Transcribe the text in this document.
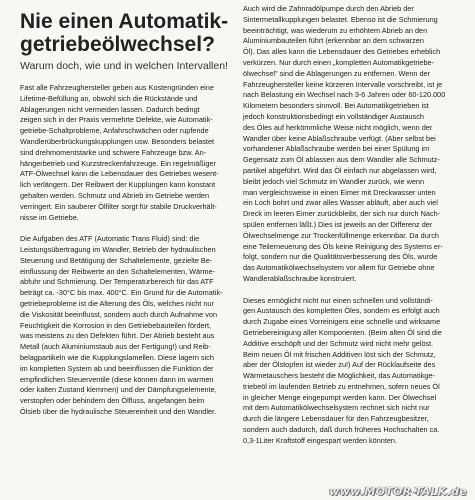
Nie einen Automatik-
getriebeölwechsel?

Warum doch, wie und in welchen Intervallen!

Fast alle Fahrzeughersteller geben aus Kostengründen eine
Lifetime-Befüllung an, obwohl sich die Rückstände und
Ablagerungen nicht vermeiden lassen. Dadurch bedingt
zeigen sich in der Praxis vermehrte Defekte, wie Automatik-
getriebe-Schaltprobleme, Anfahrschwächen oder rupfende
Wandlerüberbrückungskupplungen usw. Besonders belastet
sind drehmomentstarke und schwere Fahrzeuge bzw. An-
hängerbetrieb und Kurzstreckenfahrzeuge. Ein regelmäßiger
ATF-Ölwechsel kann die Lebensdauer des Getriebes wesent-
lich verlängern. Der Reibwert der Kupplungen kann konstant
gehalten werden. Schmutz und Abrieb im Getriebe werden
verringert. Ein sauberer Ölfilter sorgt für stabile Druckverhält-
nisse im Getriebe.
Die Aufgaben des ATF (Automatic Trans Fluid) sind: die
Leistungsübertragung im Wandler, Betrieb der hydraulischen
Steuerung und Betätigung der Schaltelemente, gezielte Be-
einflussung der Reibwerte an den Schaltelementen, Wärme-
abfuhr und Schmierung. Der Temperaturbereich für das ATF
beträgt ca. -30°C bis max. 400°C. Ein Grund für die Automatik-
getriebeprobleme ist die Alterung des Öls, welches nicht nur
die Viskosität beeinflusst, sondern auch durch Aufnahme von
Feuchtigkeit die Korrosion in den Getriebebauteilen fördert,
was meistens zu den Defekten führt. Der Abrieb besteht aus
Metall (auch Aluminiumstaub aus der Fertigung!) und Reib-
belagpartikeln wie die Kupplungslamellen. Diese lagern sich
im kompletten System ab und beeinflussen die Funktion der
empfindlichen Steuerventile (diese können dann im warmen
oder kalten Zustand klemmen) und der Dämpfungselemente,
verstopfen oder behindern den Ölfluss, angefangen beim
Ölsieb über die hydraulische Steuereinheit und den Wandler.
Auch wird die Zahnradölpumpe durch den Abrieb der
Sintermetallkupplungen belastet. Ebenso ist die Schmierung
beeinträchtigt, was wiederum zu erhöhtem Abrieb an den
Aluminiumbauteilen führt (erkennbar an dem schwarzen
Öl). Das alles kann die Lebensdauer des Getriebes erheblich
verkürzen. Nur durch einen „kompletten Automatikgetriebe-
ölwechsel" sind die Ablagerungen zu entfernen. Wenn der
Fahrzeughersteller keine kürzeren Intervalle vorschreibt, ist je
nach Belastung ein Wechsel nach 3-6 Jahren oder 60-120.000
Kilometern besonders sinnvoll. Bei Automatikgetrieben ist
jedoch konstruktionsbedingt ein vollständiger Austausch
des Öles auf herkömmliche Weise nicht möglich, wenn der
Wandler über keine Ablaßschraube verfügt. (Aber selbst bei
vorhandener Ablaßschraube werden bei einer Spülung im
Gegensatz zum Öl ablassen aus dem Wandler alle Schmutz-
partikel abgeführt. Wird das Öl einfach nur abgelassen wird,
bleibt jedoch viel Schmutz im Wandler zurück, wie wenn
man vergleichsweise in einen Eimer mit Dreckwasser unten
ein Loch bohrt und zwar alles Wasser abläuft, aber auch viel
Dreck im leeren Eimer zurückbleibt, der sich nur durch Nach-
spülen entfernen läßt.) Dies ist jeweils an der Differenz der
Ölwechselmenge zur Trockenfüllmenge erkennbar. Da durch
eine Teilerneuerung des Öls keine Reinigung des Systems er-
folgt, sondern nur die Qualitätsverbesserung des Öls, wurde
das Automatikölwechselsystem vor allem für Getriebe ohne
Wandlerablaßschraube konstruiert.
Dieses ermöglicht nicht nur einen schnellen und vollständi-
gen Austausch des kompletten Öles, sondern es erfolgt auch
durch Zugabe eines Vorreinigers eine schnelle und wirksame
Getriebereinigung aller Komponenten. (Beim alten Öl sind die
Additive erschöpft und der Schmutz wird nicht mehr gelöst.
Beim neuen Öl mit frischen Additiven löst sich der Schmutz,
aber der Ölstopfen ist wieder zu!) Auf der Rücklaufseite des
Wärmetauschers besteht die Möglichkeit, das Automatikge-
triebeöl im laufenden Betrieb zu entnehmen, sofern neues Öl
in gleicher Menge eingepumpt werden kann. Der Ölwechsel
mit dem Automatikölwechselsystem rechnet sich nicht nur
durch die längere Lebensdauer für den Fahrzeugbesitzer,
sondern auch dadurch, daß durch früheres Hochschalten ca.
0,3-1Liter Kraftstoff eingespart werden könnten.
www.MOTOR-TALK.de
